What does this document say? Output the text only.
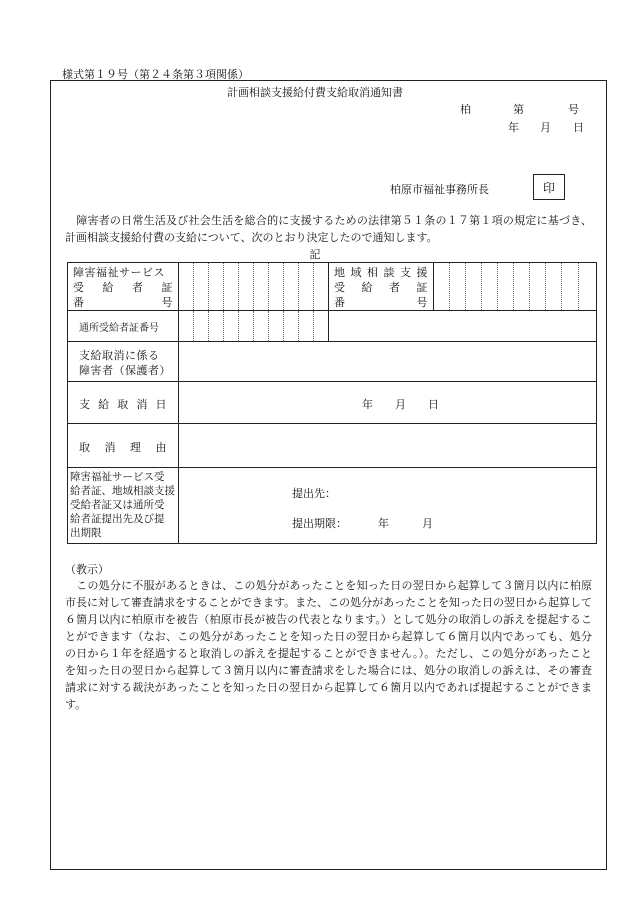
様式第１９号（第２４条第３項関係）
計画相談支援給付費支給取消通知書
柏	第	号
年 月 日
柏原市福祉事務所長	印
障害者の日常生活及び社会生活を総合的に支援するための法律第５１条の１７第１項の規定に基づき、計画相談支援給付費の支給について、次のとおり決定したので通知します。
記
障害福祉サービス
受 給 者 証
番	号
地 域 相 談 支 援
受 給 者 証
番	号
通所受給者証番号
支給取消に係る
障害者（保護者）
支 給 取 消 日	年 月 日
取 消 理 由
障害福祉サービス受
給者証、地域相談支援
受給者証又は通所受
給者証提出先及び提
出期限
提出先：
提出期限：	年	月
（教示）
この処分に不服があるときは、この処分があったことを知った日の翌日から起算して３箇月以内に柏原市長に対して審査請求をすることができます。また、この処分があったことを知った日の翌日から起算して６箇月以内に柏原市を被告（柏原市長が被告の代表となります。）として処分の取消しの訴えを提起することができます（なお、この処分があったことを知った日の翌日から起算して６箇月以内であっても、処分の日から１年を経過すると取消しの訴えを提起することができません。）。ただし、この処分があったことを知った日の翌日から起算して３箇月以内に審査請求をした場合には、処分の取消しの訴えは、その審査請求に対する裁決があったことを知った日の翌日から起算して６箇月以内であれば提起することができます。
